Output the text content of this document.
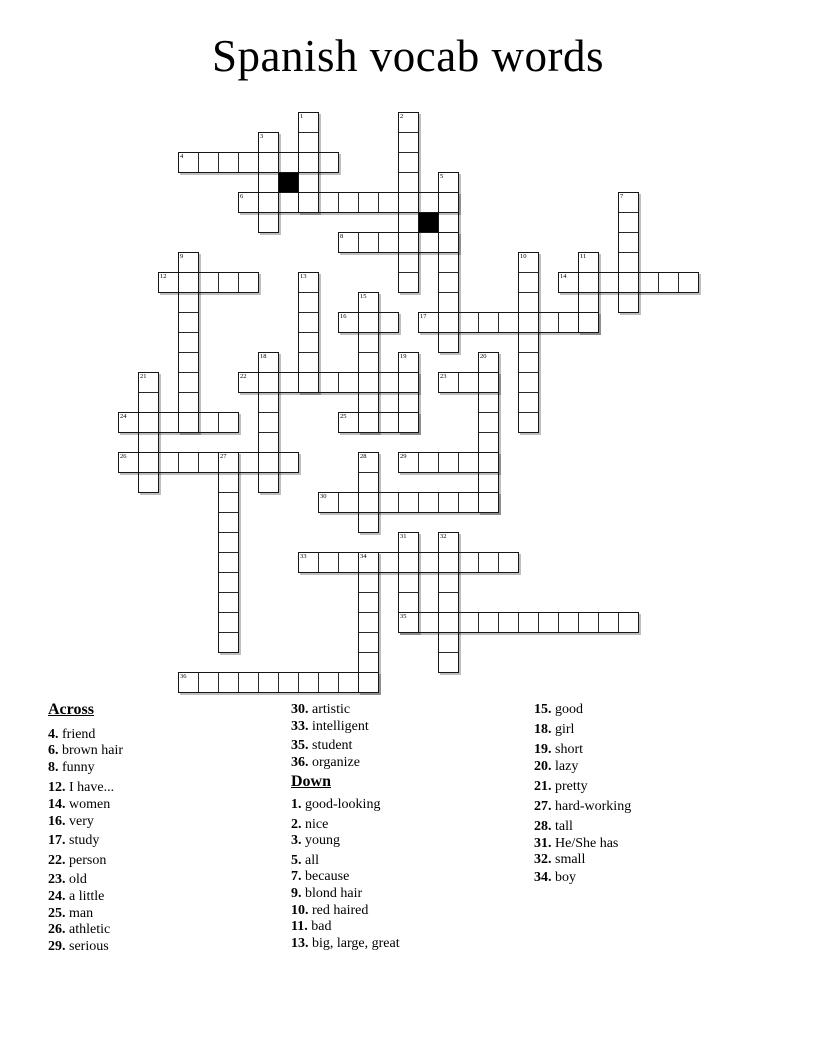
Spanish vocab words
1	2
3
4
5
6	7
8
9	10	11
12	13	14
15
16	17
18	19	20
21	22	23
24	25
26	27	28	29
30
31	32
33	34
35
36
Across
4. friend
6. brown hair
8. funny
12. I have...
14. women
16. very
17. study
22. person
23. old
24. a little
25. man
26. athletic
29. serious
30. artistic
33. intelligent
35. student
36. organize
Down
1. good-looking
2. nice
3. young
5. all
7. because
9. blond hair
10. red haired
11. bad
13. big, large, great
15. good
18. girl
19. short
20. lazy
21. pretty
27. hard-working
28. tall
31. He/She has
32. small
34. boy
